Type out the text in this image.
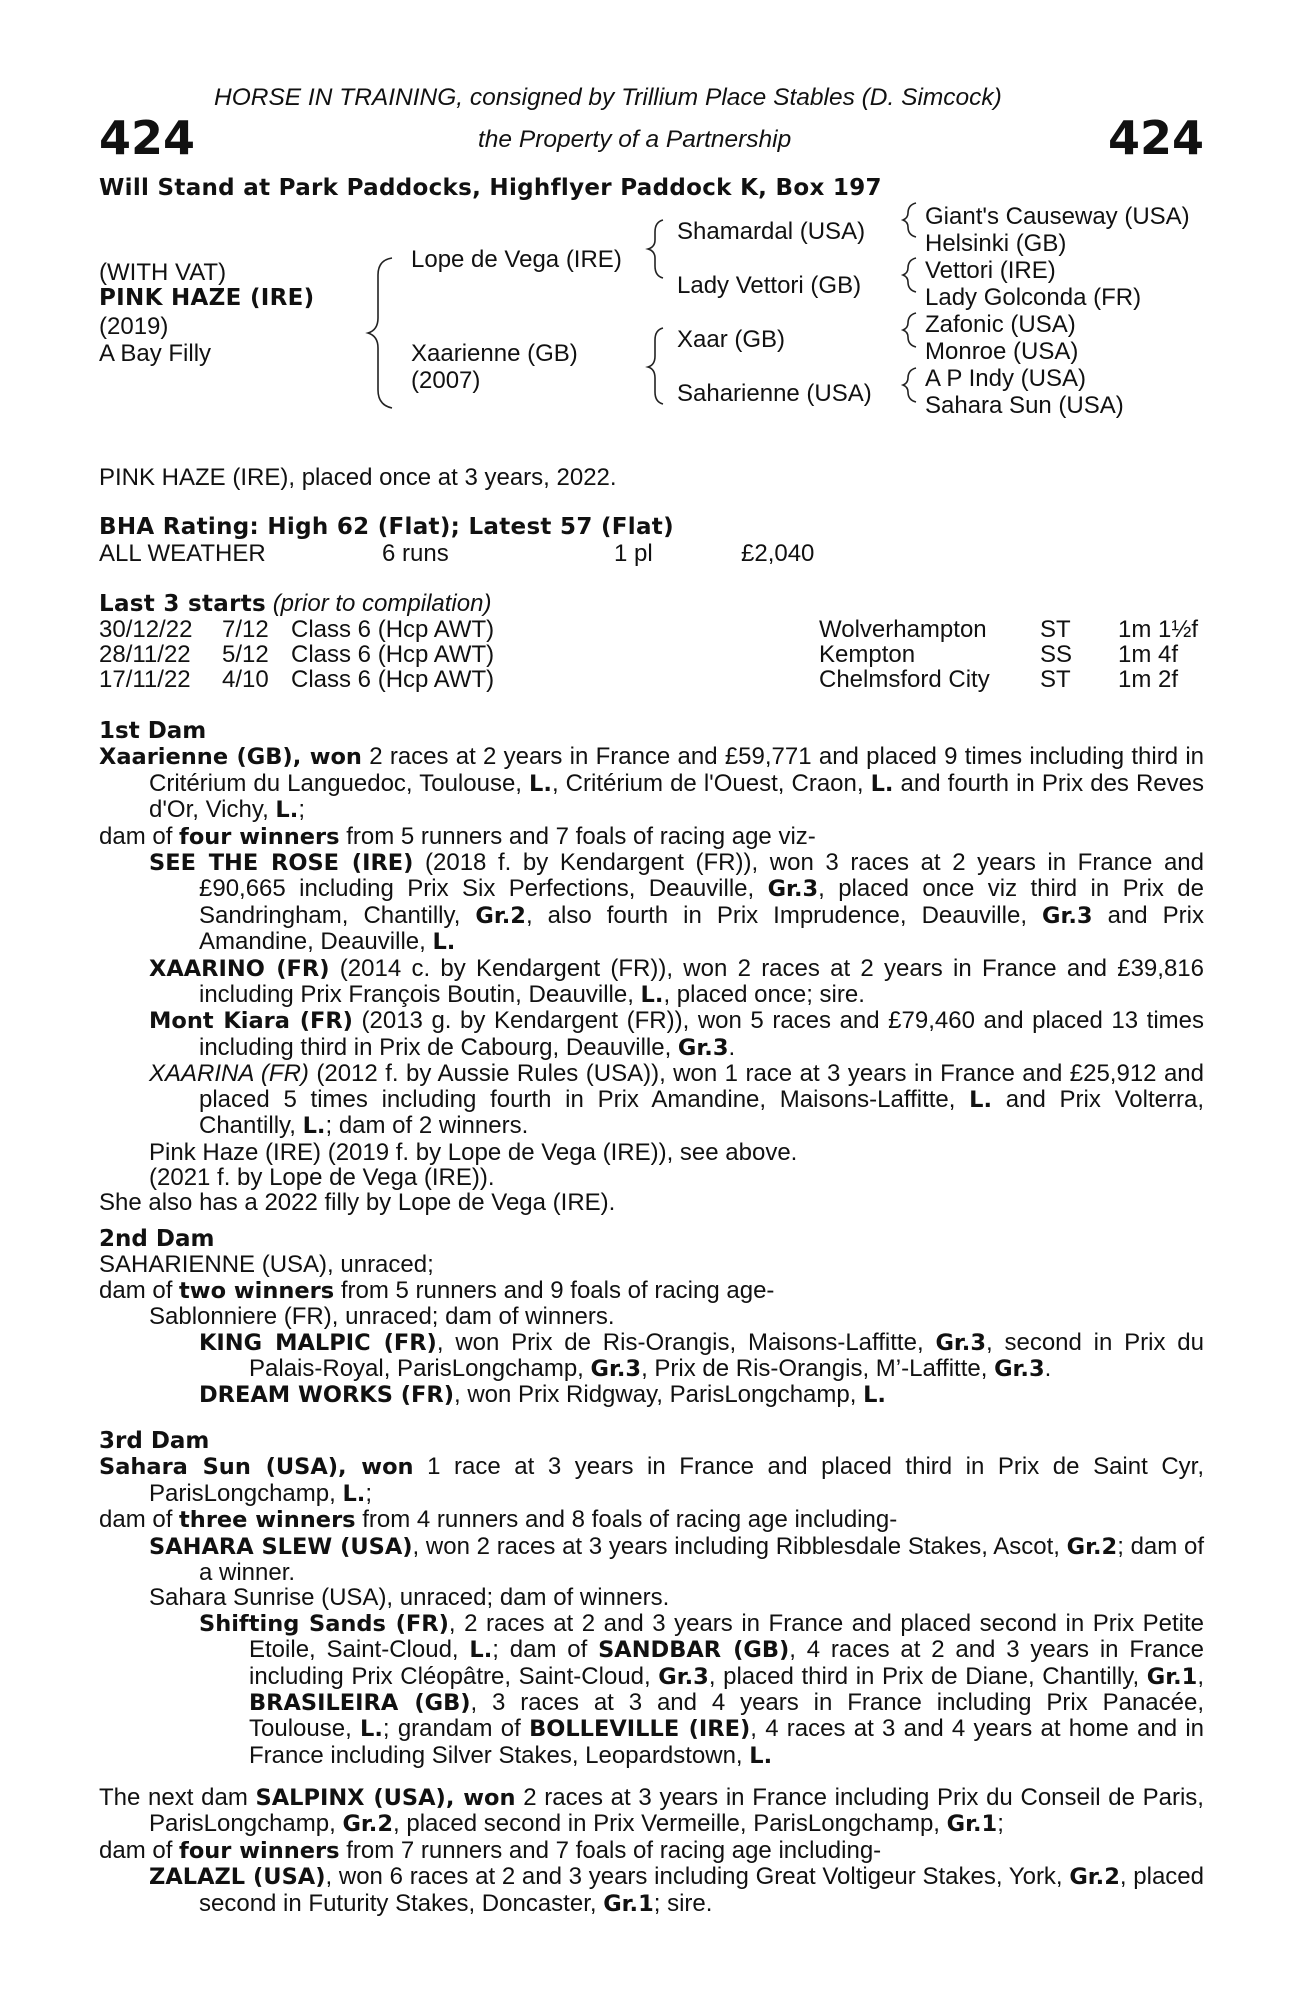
424	424
HORSE IN TRAINING, consigned by Trillium Place Stables (D. Simcock)
the Property of a Partnership
Will Stand at Park Paddocks, Highflyer Paddock K, Box 197
(WITH VAT)
PINK HAZE (IRE)
(2019)
A Bay Filly
Lope de Vega (IRE)
Xaarienne (GB)
(2007)
Shamardal (USA)
Lady Vettori (GB)
Xaar (GB)
Saharienne (USA)
Giant's Causeway (USA)
Helsinki (GB)
Vettori (IRE)
Lady Golconda (FR)
Zafonic (USA)
Monroe (USA)
A P Indy (USA)
Sahara Sun (USA)
PINK HAZE (IRE), placed once at 3 years, 2022.
BHA Rating: High 62 (Flat); Latest 57 (Flat)
ALL WEATHER	6 runs	1 pl	£2,040
Last 3 starts (prior to compilation)
30/12/22 7/12 Class 6 (Hcp AWT)	Wolverhampton ST 1m 1½f
28/11/22 5/12 Class 6 (Hcp AWT)	Kempton	SS 1m 4f
17/11/22 4/10 Class 6 (Hcp AWT)	Chelmsford City ST 1m 2f

1st Dam

Xaarienne (GB), won 2 races at 2 years in France and £59,771 and placed 9 times including third in Critérium du Languedoc, Toulouse, L., Critérium de l'Ouest, Craon, L. and fourth in Prix des Reves d'Or, Vichy, L.;

dam of four winners from 5 runners and 7 foals of racing age viz-

SEE THE ROSE (IRE) (2018 f. by Kendargent (FR)), won 3 races at 2 years in France and £90,665 including Prix Six Perfections, Deauville, Gr.3, placed once viz third in Prix de Sandringham, Chantilly, Gr.2, also fourth in Prix Imprudence, Deauville, Gr.3 and Prix Amandine, Deauville, L.

XAARINO (FR) (2014 c. by Kendargent (FR)), won 2 races at 2 years in France and £39,816 including Prix François Boutin, Deauville, L., placed once; sire.

Mont Kiara (FR) (2013 g. by Kendargent (FR)), won 5 races and £79,460 and placed 13 times including third in Prix de Cabourg, Deauville, Gr.3.

XAARINA (FR) (2012 f. by Aussie Rules (USA)), won 1 race at 3 years in France and £25,912 and placed 5 times including fourth in Prix Amandine, Maisons-Laffitte, L. and Prix Volterra, Chantilly, L.; dam of 2 winners.

Pink Haze (IRE) (2019 f. by Lope de Vega (IRE)), see above.

(2021 f. by Lope de Vega (IRE)).

She also has a 2022 filly by Lope de Vega (IRE).

2nd Dam

SAHARIENNE (USA), unraced;

dam of two winners from 5 runners and 9 foals of racing age-

Sablonniere (FR), unraced; dam of winners.

KING MALPIC (FR), won Prix de Ris-Orangis, Maisons-Laffitte, Gr.3, second in Prix du Palais-Royal, ParisLongchamp, Gr.3, Prix de Ris-Orangis, M’-Laffitte, Gr.3.

DREAM WORKS (FR), won Prix Ridgway, ParisLongchamp, L.

3rd Dam

Sahara Sun (USA), won 1 race at 3 years in France and placed third in Prix de Saint Cyr, ParisLongchamp, L.;

dam of three winners from 4 runners and 8 foals of racing age including-

SAHARA SLEW (USA), won 2 races at 3 years including Ribblesdale Stakes, Ascot, Gr.2; dam of a winner.

Sahara Sunrise (USA), unraced; dam of winners.

Shifting Sands (FR), 2 races at 2 and 3 years in France and placed second in Prix Petite Etoile, Saint-Cloud, L.; dam of SANDBAR (GB), 4 races at 2 and 3 years in France including Prix Cléopâtre, Saint-Cloud, Gr.3, placed third in Prix de Diane, Chantilly, Gr.1, BRASILEIRA (GB), 3 races at 3 and 4 years in France including Prix Panacée, Toulouse, L.; grandam of BOLLEVILLE (IRE), 4 races at 3 and 4 years at home and in France including Silver Stakes, Leopardstown, L.

The next dam SALPINX (USA), won 2 races at 3 years in France including Prix du Conseil de Paris, ParisLongchamp, Gr.2, placed second in Prix Vermeille, ParisLongchamp, Gr.1;

dam of four winners from 7 runners and 7 foals of racing age including-

ZALAZL (USA), won 6 races at 2 and 3 years including Great Voltigeur Stakes, York, Gr.2, placed second in Futurity Stakes, Doncaster, Gr.1; sire.
